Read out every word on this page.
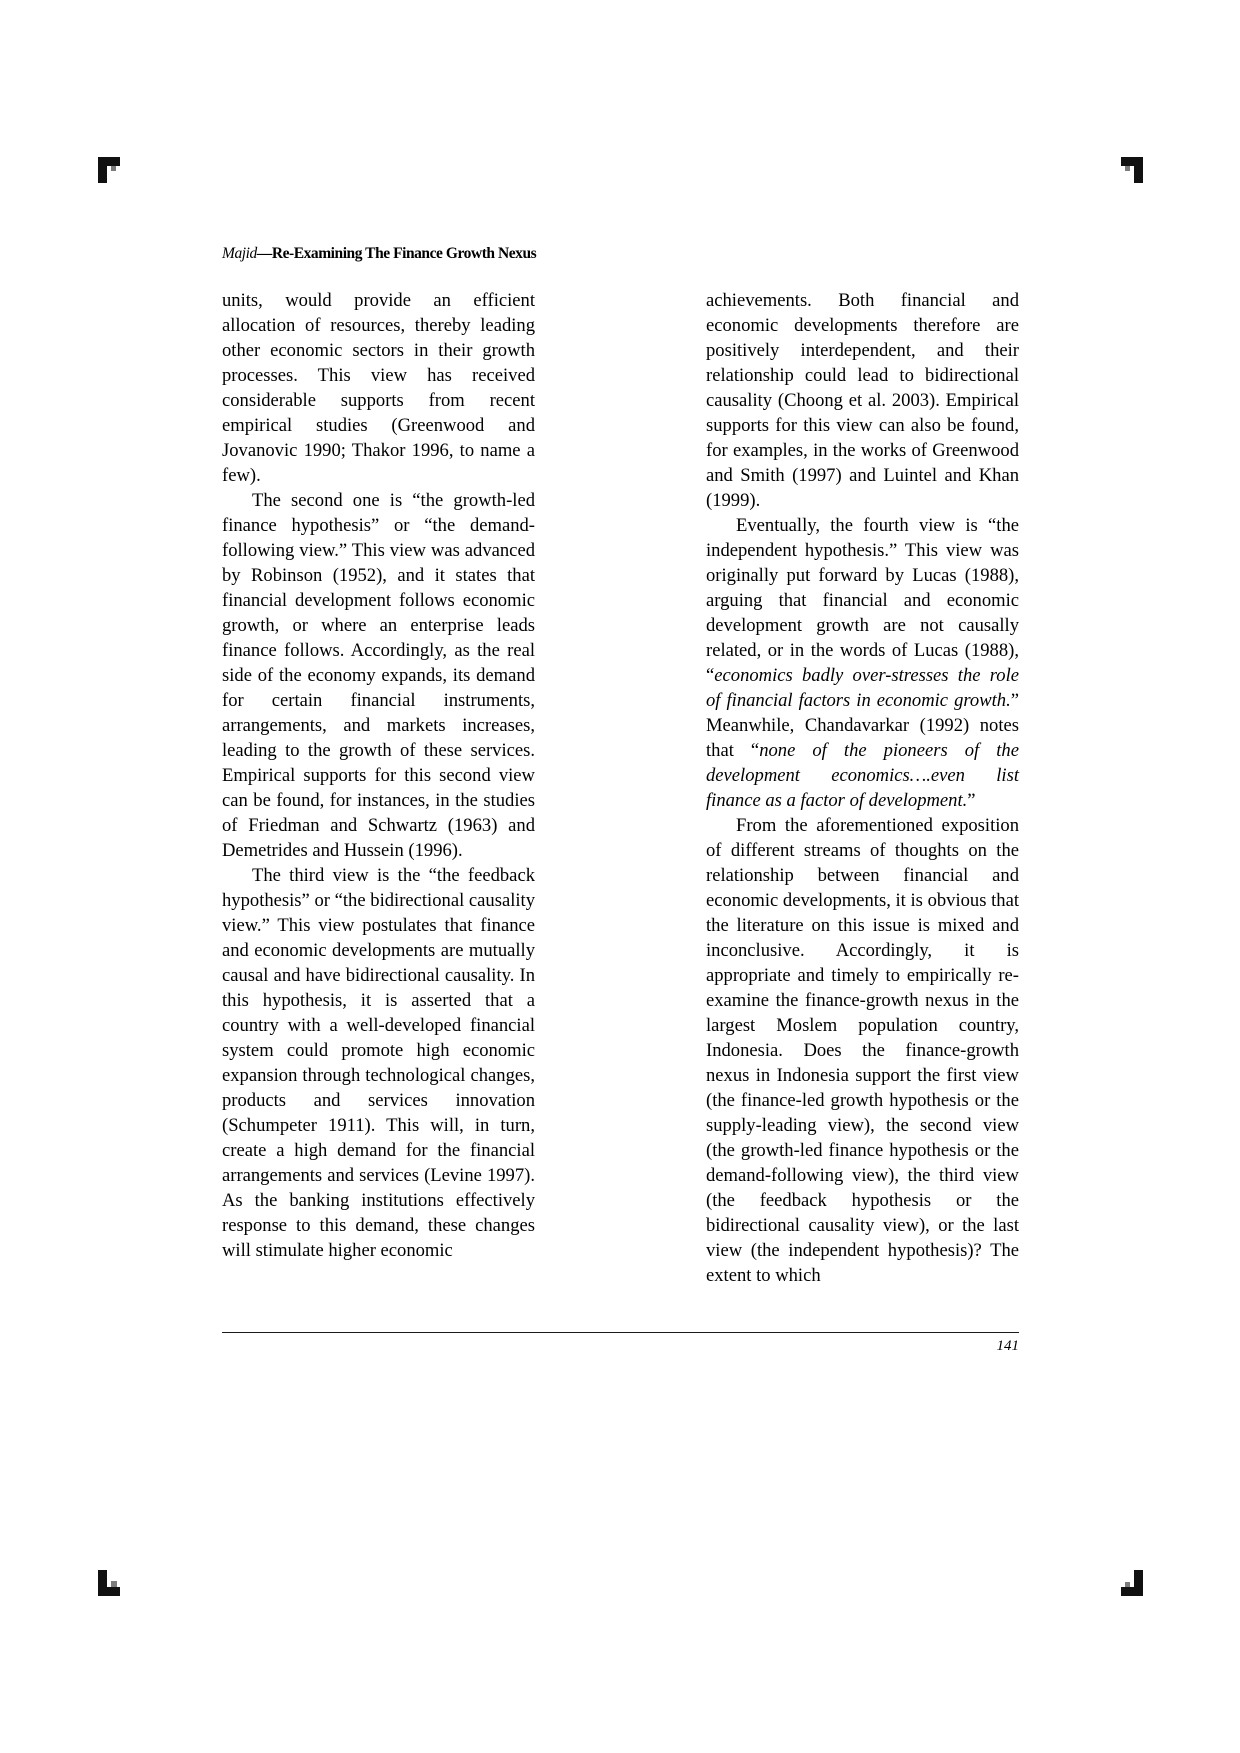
Majid—Re-Examining The Finance Growth Nexus

units, would provide an efficient allocation of resources, thereby leading other economic sectors in their growth processes. This view has received considerable supports from recent empirical studies (Greenwood and Jovanovic 1990; Thakor 1996, to name a few).

The second one is “the growth-led finance hypothesis” or “the demand-following view.” This view was advanced by Robinson (1952), and it states that financial development follows economic growth, or where an enterprise leads finance follows. Accordingly, as the real side of the economy expands, its demand for certain financial instruments, arrangements, and markets increases, leading to the growth of these services. Empirical supports for this second view can be found, for instances, in the studies of Friedman and Schwartz (1963) and Demetrides and Hussein (1996).

The third view is the “the feedback hypothesis” or “the bidirectional causality view.” This view postulates that finance and economic developments are mutually causal and have bidirectional causality. In this hypothesis, it is asserted that a country with a well-developed financial system could promote high economic expansion through technological changes, products and services innovation (Schumpeter 1911). This will, in turn, create a high demand for the financial arrangements and services (Levine 1997). As the banking institutions effectively response to this demand, these changes will stimulate higher economic

achievements. Both financial and economic developments therefore are positively interdependent, and their relationship could lead to bidirectional causality (Choong et al. 2003). Empirical supports for this view can also be found, for examples, in the works of Greenwood and Smith (1997) and Luintel and Khan (1999).

Eventually, the fourth view is “the independent hypothesis.” This view was originally put forward by Lucas (1988), arguing that financial and economic development growth are not causally related, or in the words of Lucas (1988), “economics badly over-stresses the role of financial factors in economic growth.” Meanwhile, Chandavarkar (1992) notes that “none of the pioneers of the development economics….even list finance as a factor of development.”

From the aforementioned exposition of different streams of thoughts on the relationship between financial and economic developments, it is obvious that the literature on this issue is mixed and inconclusive. Accordingly, it is appropriate and timely to empirically re-examine the finance-growth nexus in the largest Moslem population country, Indonesia. Does the finance-growth nexus in Indonesia support the first view (the finance-led growth hypothesis or the supply-leading view), the second view (the growth-led finance hypothesis or the demand-following view), the third view (the feedback hypothesis or the bidirectional causality view), or the last view (the independent hypothesis)? The extent to which

141
